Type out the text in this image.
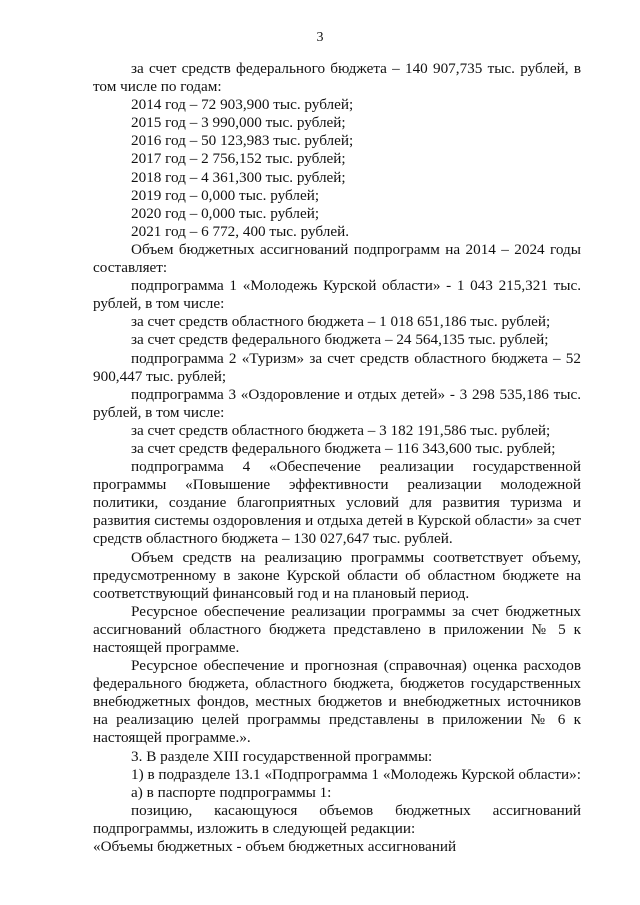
3

за счет средств федерального бюджета – 140 907,735 тыс. рублей, в том числе по годам:

2014 год – 72 903,900 тыс. рублей;
2015 год – 3 990,000 тыс. рублей;
2016 год – 50 123,983 тыс. рублей;
2017 год – 2 756,152 тыс. рублей;
2018 год – 4 361,300 тыс. рублей;
2019 год – 0,000 тыс. рублей;
2020 год – 0,000 тыс. рублей;
2021 год – 6 772, 400 тыс. рублей.

Объем бюджетных ассигнований подпрограмм на 2014 – 2024 годы составляет:

подпрограмма 1 «Молодежь Курской области» - 1 043 215,321 тыс. рублей, в том числе:

за счет средств областного бюджета – 1 018 651,186 тыс. рублей;

за счет средств федерального бюджета – 24 564,135 тыс. рублей;

подпрограмма 2 «Туризм» за счет средств областного бюджета – 52 900,447 тыс. рублей;

подпрограмма 3 «Оздоровление и отдых детей» - 3 298 535,186 тыс. рублей, в том числе:

за счет средств областного бюджета – 3 182 191,586 тыс. рублей;

за счет средств федерального бюджета – 116 343,600 тыс. рублей;

подпрограмма 4 «Обеспечение реализации государственной программы «Повышение эффективности реализации молодежной политики, создание благоприятных условий для развития туризма и развития системы оздоровления и отдыха детей в Курской области» за счет средств областного бюджета – 130 027,647 тыс. рублей.

Объем средств на реализацию программы соответствует объему, предусмотренному в законе Курской области об областном бюджете на соответствующий финансовый год и на плановый период.

Ресурсное обеспечение реализации программы за счет бюджетных ассигнований областного бюджета представлено в приложении № 5 к настоящей программе.

Ресурсное обеспечение и прогнозная (справочная) оценка расходов федерального бюджета, областного бюджета, бюджетов государственных внебюджетных фондов, местных бюджетов и внебюджетных источников на реализацию целей программы представлены в приложении № 6 к настоящей программе.».

3. В разделе XIII государственной программы:

1) в подразделе 13.1 «Подпрограмма 1 «Молодежь Курской области»:

а) в паспорте подпрограммы 1:

позицию, касающуюся объемов бюджетных ассигнований подпрограммы, изложить в следующей редакции:

«Объемы бюджетных - объем бюджетных ассигнований
